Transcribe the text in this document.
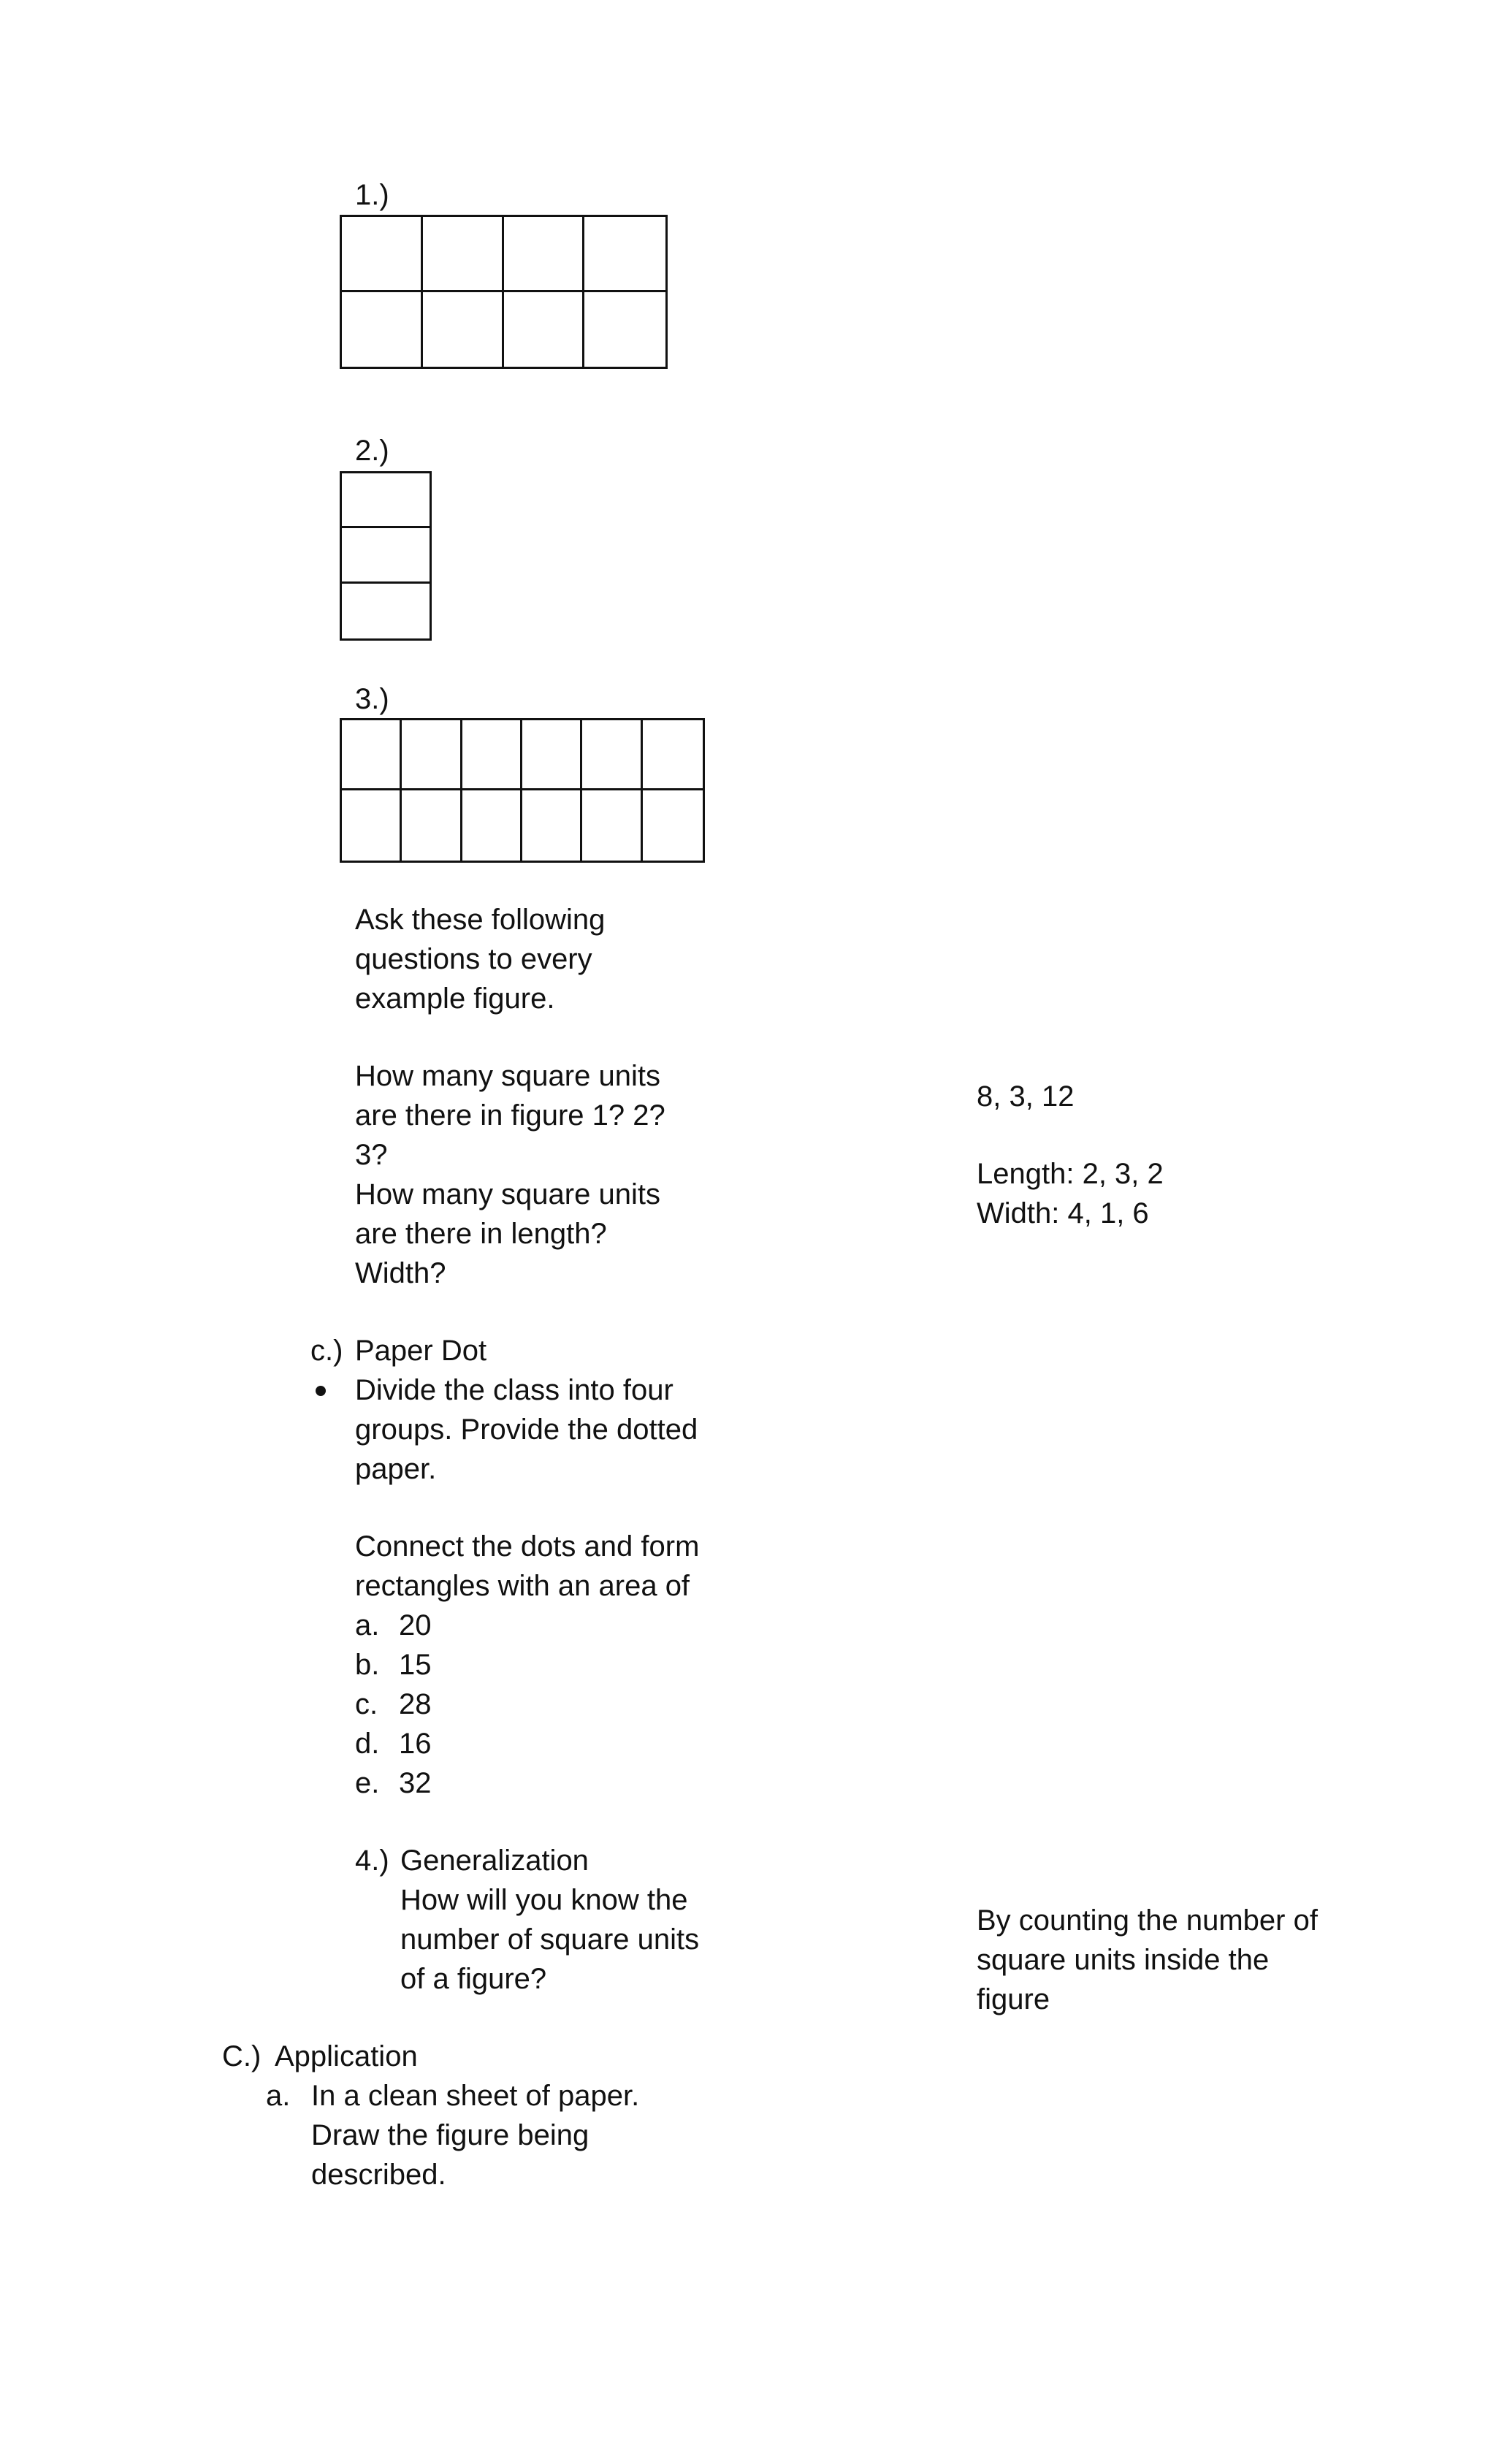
1.)

2.)

3.)

Ask these following

questions to every

example figure.

How many square units

are there in figure 1? 2?

3?

How many square units

are there in length?

Width?

8, 3, 12

Length: 2, 3, 2

Width: 4, 1, 6

c.) Paper Dot

Divide the class into four

groups. Provide the dotted

paper.

Connect the dots and form

rectangles with an area of

a. 20

b. 15

c. 28

d. 16

e. 32

4.) Generalization

How will you know the

number of square units

of a figure?

By counting the number of

square units inside the

figure

C.) Application

a. In a clean sheet of paper.

Draw the figure being

described.
